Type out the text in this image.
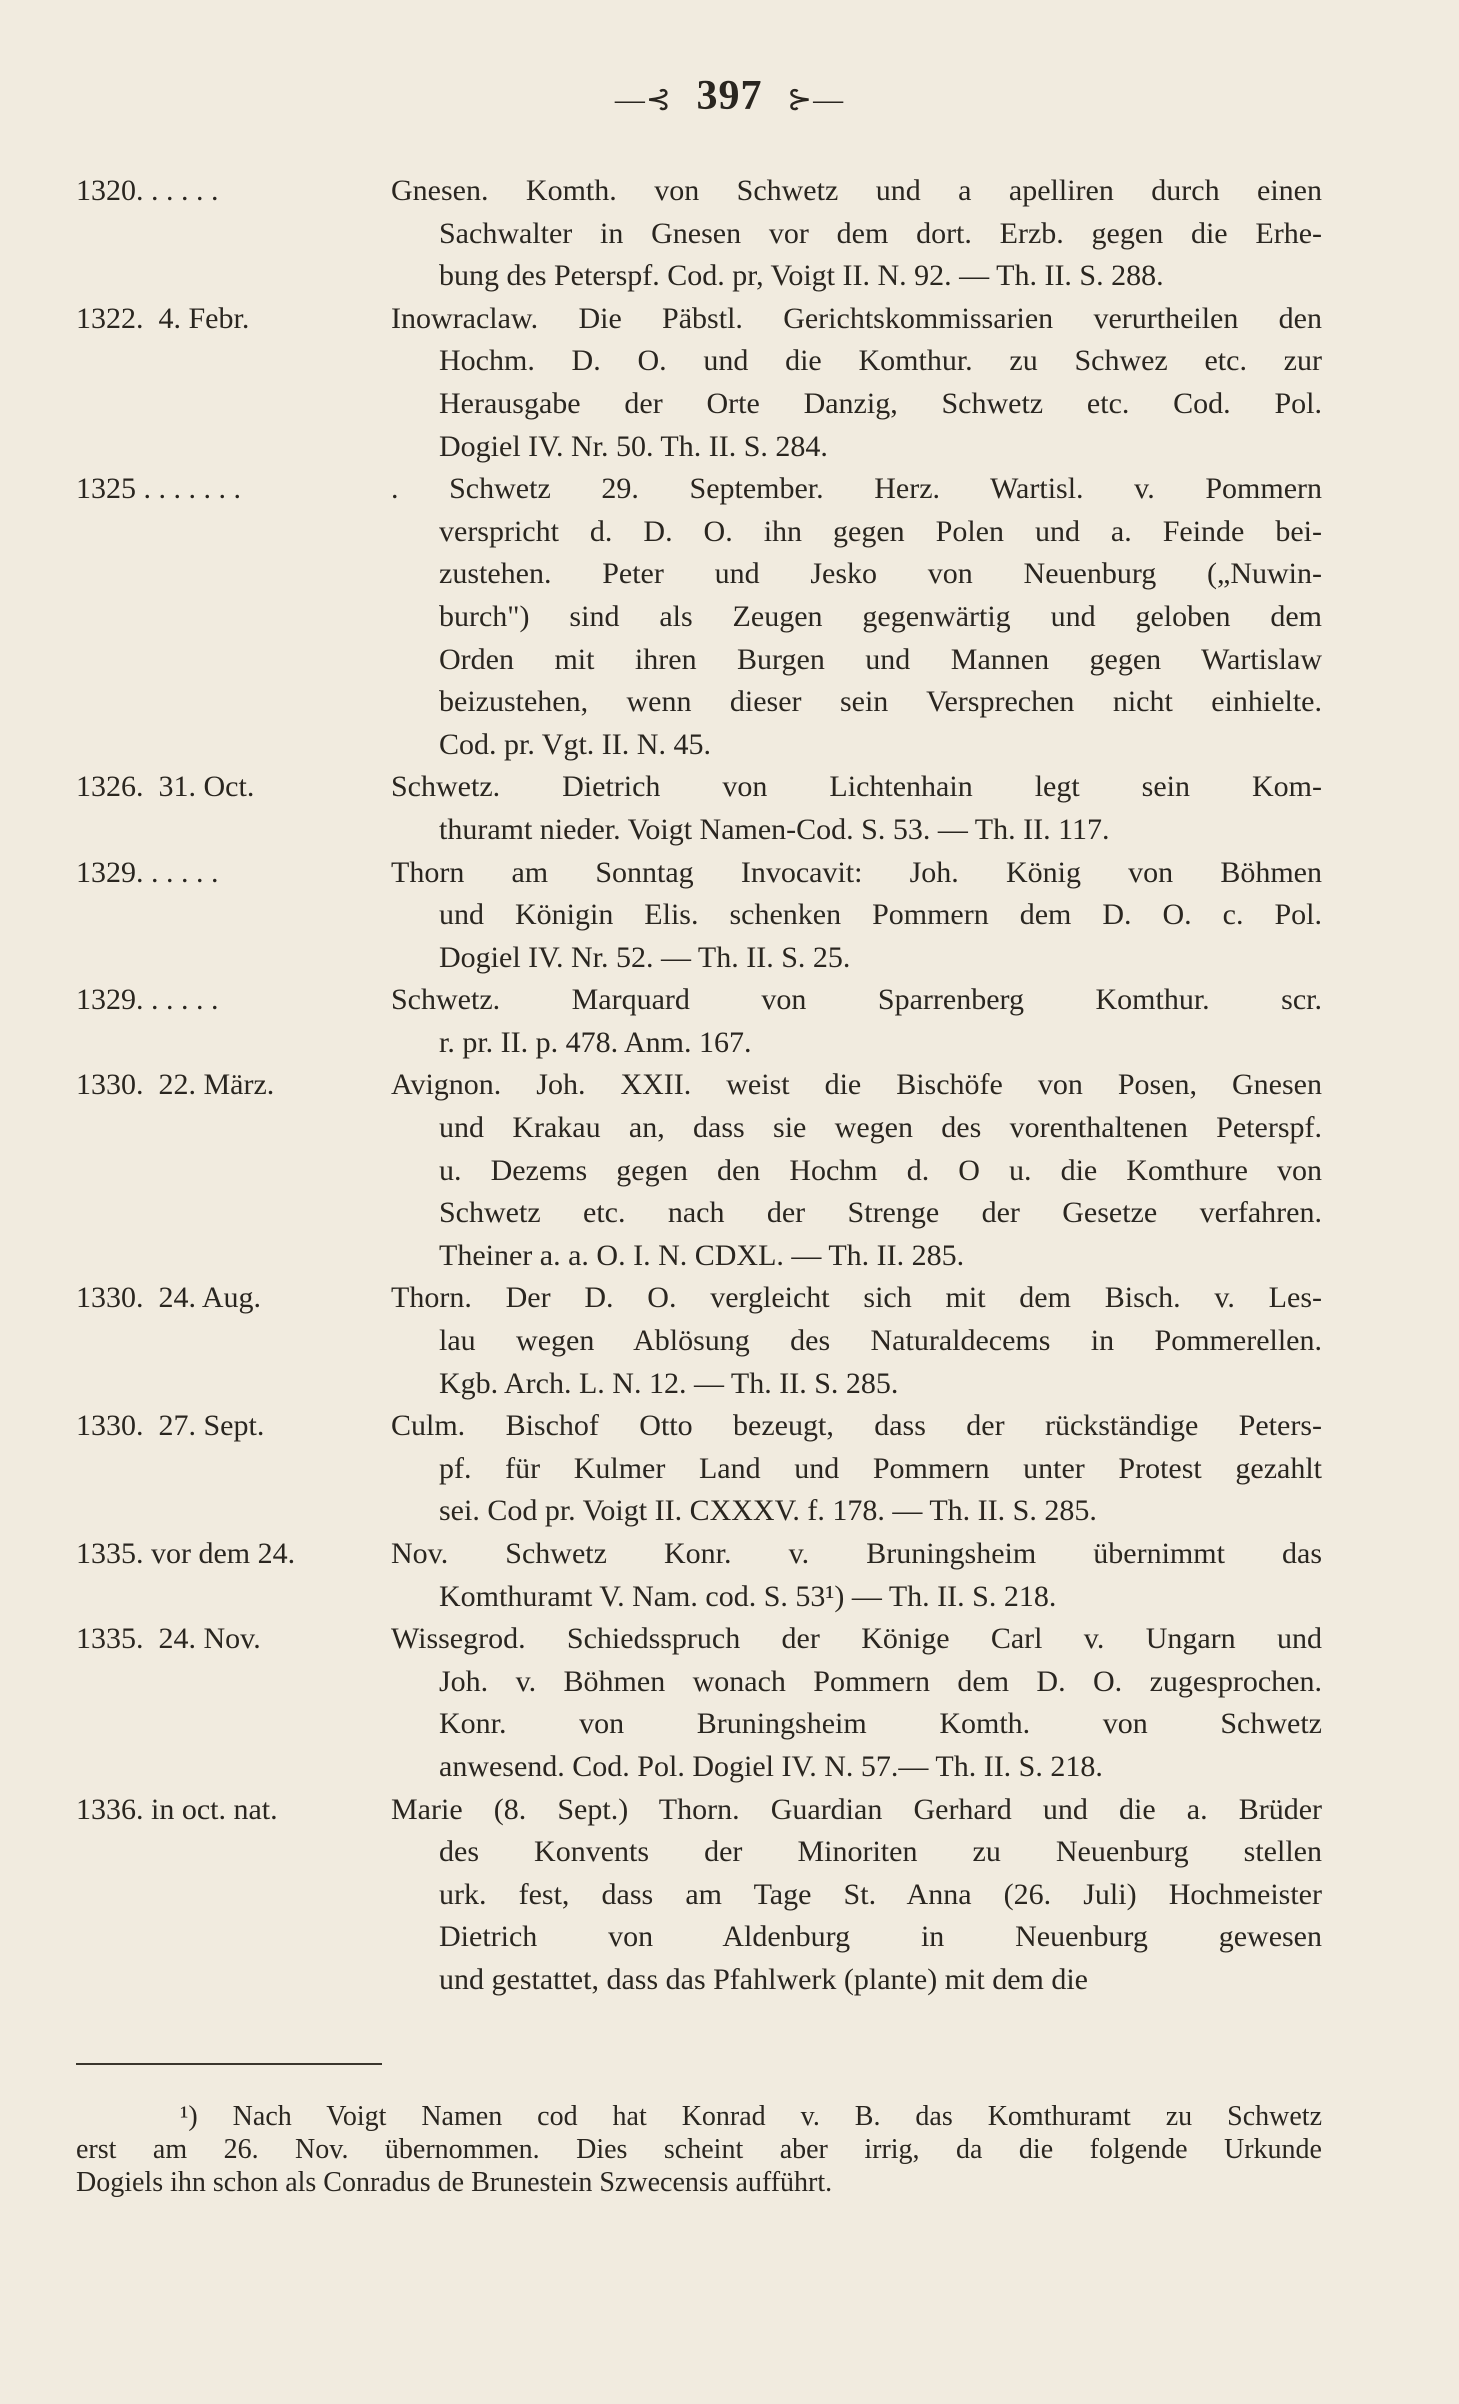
—⊰ 397 ⊱—
1320. . . . . .	Gnesen. Komth. von Schwetz und a apelliren durch einen
Sachwalter in Gnesen vor dem dort. Erzb. gegen die Erhe-
bung des Peterspf. Cod. pr, Voigt II. N. 92. — Th. II. S. 288.
1322.  4. Febr.	Inowraclaw. Die Päbstl. Gerichtskommissarien verurtheilen den
Hochm. D. O. und die Komthur. zu Schwez etc. zur
Herausgabe der Orte Danzig, Schwetz etc. Cod. Pol.
Dogiel IV. Nr. 50. Th. II. S. 284.
1325 . . . . . . .	. Schwetz 29. September. Herz. Wartisl. v. Pommern
verspricht d. D. O. ihn gegen Polen und a. Feinde bei-
zustehen. Peter und Jesko von Neuenburg („Nuwin-
burch") sind als Zeugen gegenwärtig und geloben dem
Orden mit ihren Burgen und Mannen gegen Wartislaw
beizustehen, wenn dieser sein Versprechen nicht einhielte.
Cod. pr. Vgt. II. N. 45.
1326.  31. Oct.	Schwetz. Dietrich von Lichtenhain legt sein Kom-
thuramt nieder. Voigt Namen-Cod. S. 53. — Th. II. 117.
1329. . . . . .	Thorn am Sonntag Invocavit: Joh. König von Böhmen
und Königin Elis. schenken Pommern dem D. O. c. Pol.
Dogiel IV. Nr. 52. — Th. II. S. 25.
1329. . . . . .	Schwetz. Marquard von Sparrenberg Komthur. scr.
r. pr. II. p. 478. Anm. 167.
1330.  22. März.	Avignon. Joh. XXII. weist die Bischöfe von Posen, Gnesen
und Krakau an, dass sie wegen des vorenthaltenen Peterspf.
u. Dezems gegen den Hochm d. O u. die Komthure von
Schwetz etc. nach der Strenge der Gesetze verfahren.
Theiner a. a. O. I. N. CDXL. — Th. II. 285.
1330.  24. Aug.	Thorn. Der D. O. vergleicht sich mit dem Bisch. v. Les-
lau wegen Ablösung des Naturaldecems in Pommerellen.
Kgb. Arch. L. N. 12. — Th. II. S. 285.
1330.  27. Sept.	Culm. Bischof Otto bezeugt, dass der rückständige Peters-
pf. für Kulmer Land und Pommern unter Protest gezahlt
sei. Cod pr. Voigt II. CXXXV. f. 178. — Th. II. S. 285.
1335. vor dem 24.	Nov. Schwetz Konr. v. Bruningsheim übernimmt das
Komthuramt V. Nam. cod. S. 53¹) — Th. II. S. 218.
1335.  24. Nov.	Wissegrod. Schiedsspruch der Könige Carl v. Ungarn und
Joh. v. Böhmen wonach Pommern dem D. O. zugesprochen.
Konr. von Bruningsheim Komth. von Schwetz
anwesend. Cod. Pol. Dogiel IV. N. 57.— Th. II. S. 218.
1336. in oct. nat.	Marie (8. Sept.) Thorn. Guardian Gerhard und die a. Brüder
des Konvents der Minoriten zu Neuenburg stellen
urk. fest, dass am Tage St. Anna (26. Juli) Hochmeister
Dietrich von Aldenburg in Neuenburg gewesen
und gestattet, dass das Pfahlwerk (plante) mit dem die
¹) Nach Voigt Namen cod hat Konrad v. B. das Komthuramt zu Schwetz
erst am 26. Nov. übernommen. Dies scheint aber irrig, da die folgende Urkunde
Dogiels ihn schon als Conradus de Brunestein Szwecensis aufführt.
